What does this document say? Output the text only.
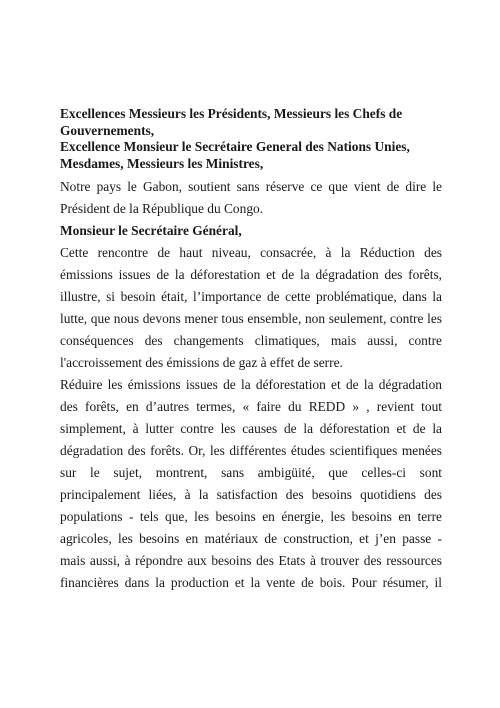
Excellences Messieurs les Présidents, Messieurs les Chefs de
Gouvernements,
Excellence Monsieur le Secrétaire General des Nations Unies,
Mesdames, Messieurs les Ministres,

Notre pays le Gabon, soutient sans réserve ce que vient de dire le
Président de la République du Congo.

Monsieur le Secrétaire Général,

Cette rencontre de haut niveau, consacrée, à la Réduction des
émissions issues de la déforestation et de la dégradation des forêts,
illustre, si besoin était, l’importance de cette problématique, dans la
lutte, que nous devons mener tous ensemble, non seulement, contre les
conséquences des changements climatiques, mais aussi, contre
l'accroissement des émissions de gaz à effet de serre.

Réduire les émissions issues de la déforestation et de la dégradation
des forêts, en d’autres termes, « faire du REDD » , revient tout
simplement, à lutter contre les causes de la déforestation et de la
dégradation des forêts. Or, les différentes études scientifiques menées
sur le sujet, montrent, sans ambigüité, que celles-ci sont
principalement liées, à la satisfaction des besoins quotidiens des
populations - tels que, les besoins en énergie, les besoins en terre
agricoles, les besoins en matériaux de construction, et j’en passe -
mais aussi, à répondre aux besoins des Etats à trouver des ressources
financières dans la production et la vente de bois. Pour résumer, il
